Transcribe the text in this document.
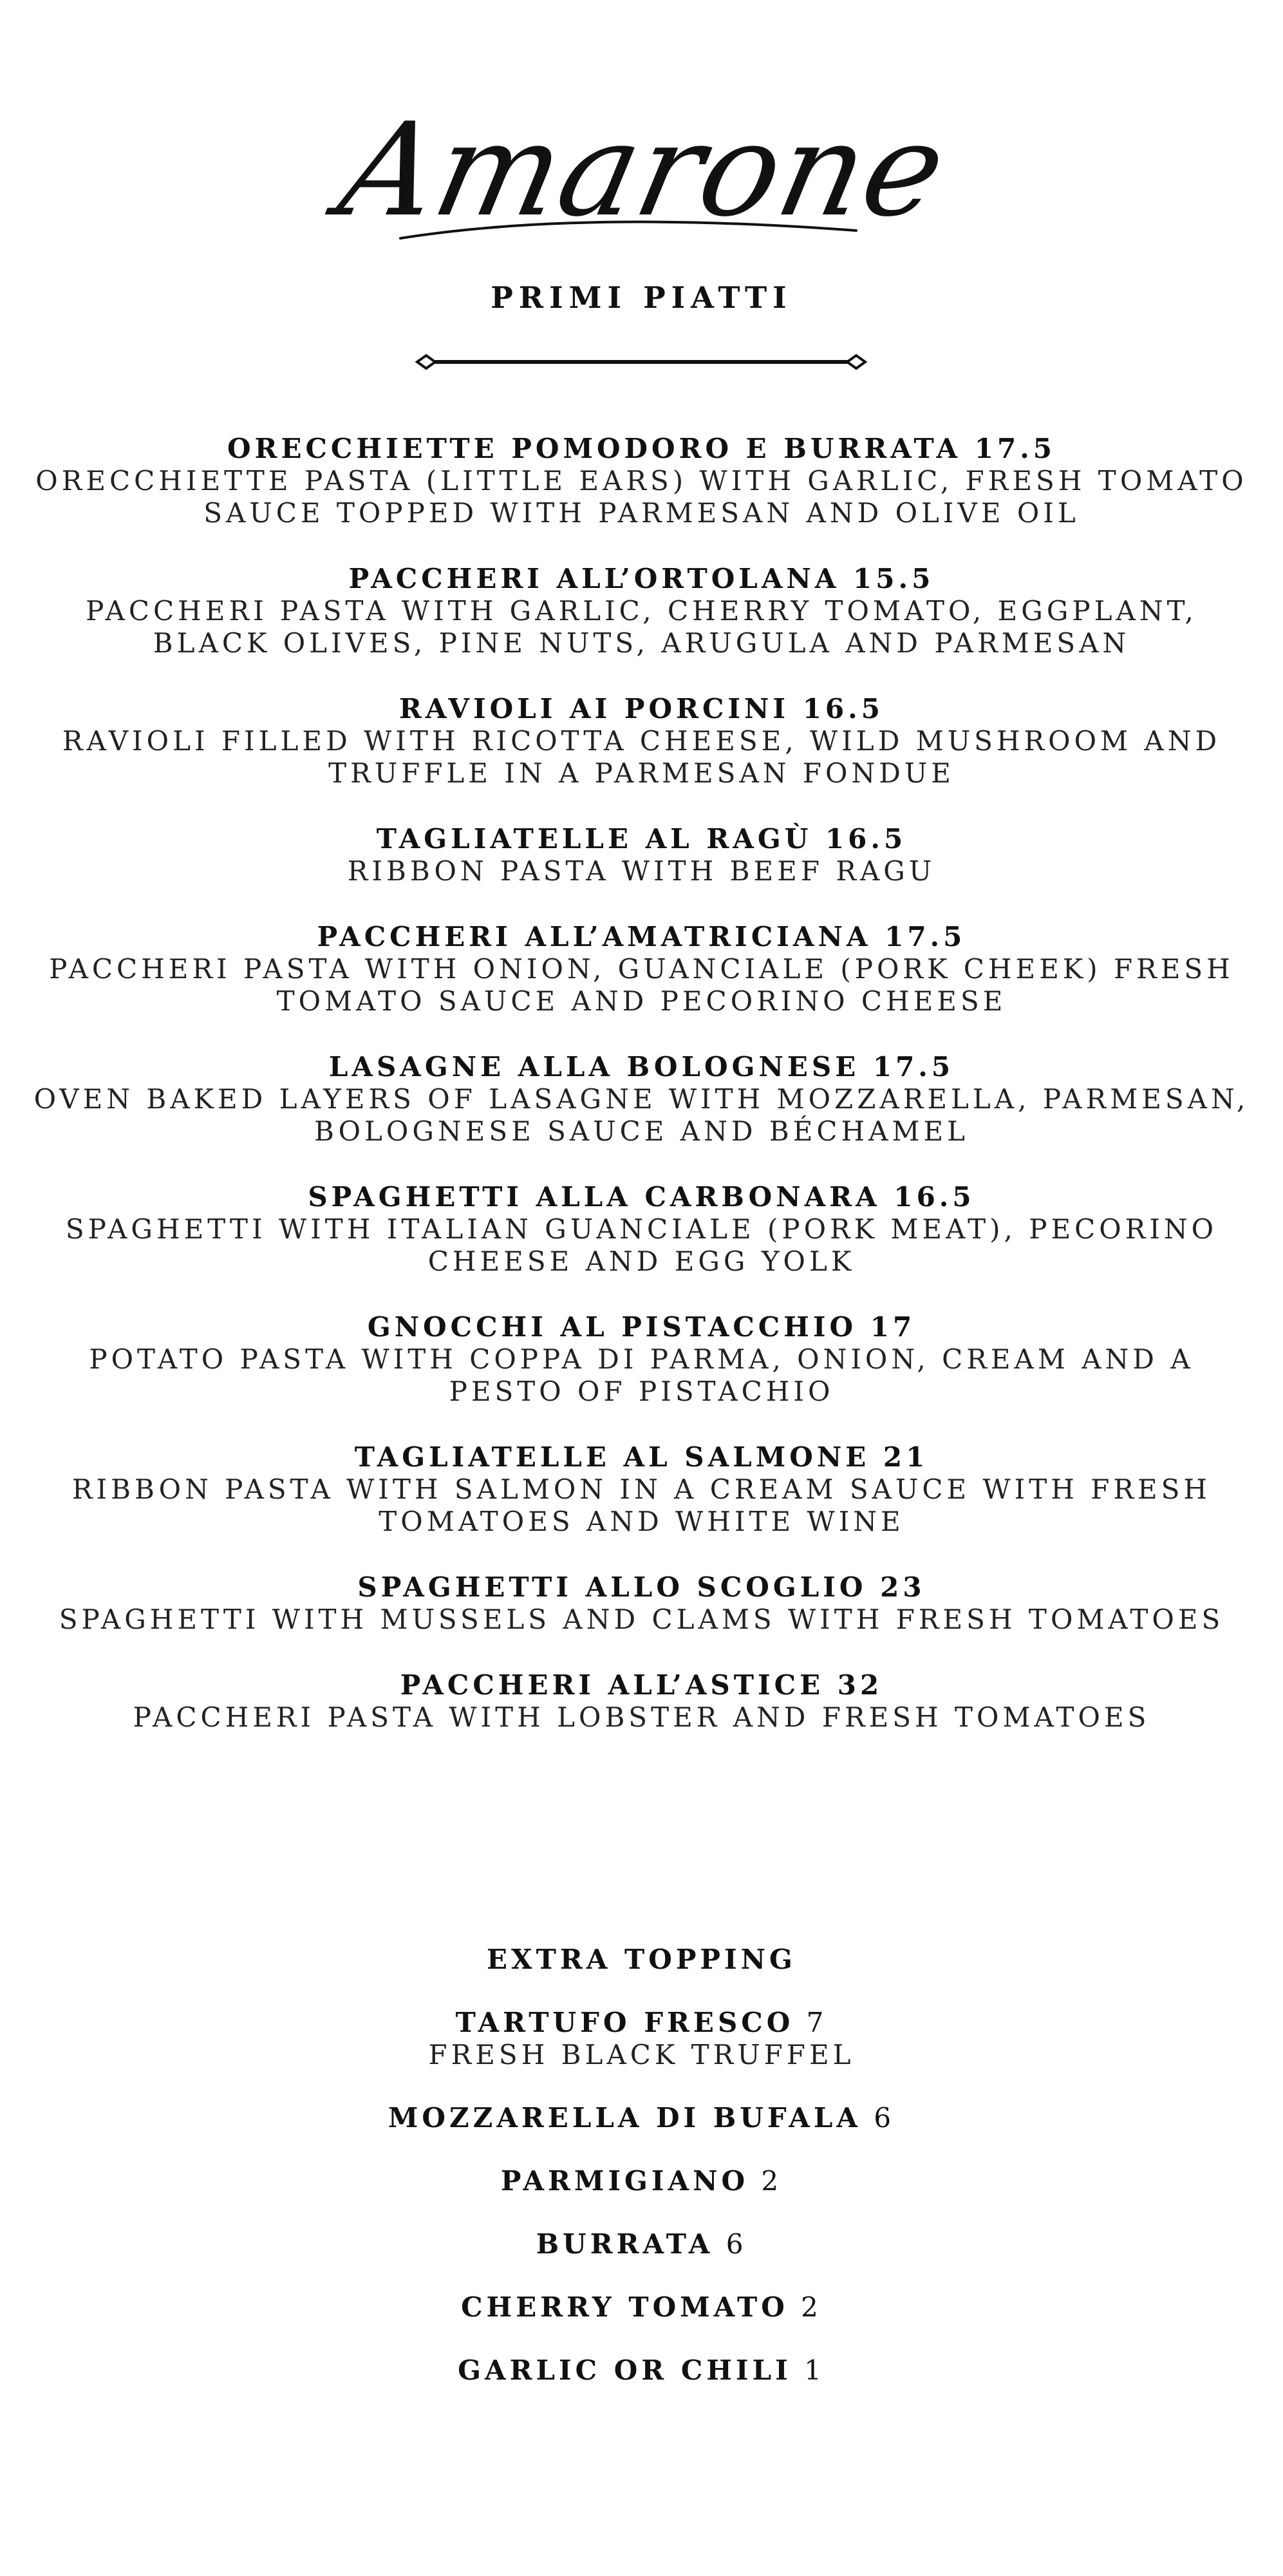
Amarone
PRIMI PIATTI
ORECCHIETTE POMODORO E BURRATA 17.5
ORECCHIETTE PASTA (LITTLE EARS) WITH GARLIC, FRESH TOMATO SAUCE TOPPED WITH PARMESAN AND OLIVE OIL
PACCHERI ALL’ORTOLANA 15.5
PACCHERI PASTA WITH GARLIC, CHERRY TOMATO, EGGPLANT, BLACK OLIVES, PINE NUTS, ARUGULA AND PARMESAN
RAVIOLI AI PORCINI 16.5
RAVIOLI FILLED WITH RICOTTA CHEESE, WILD MUSHROOM AND TRUFFLE IN A PARMESAN FONDUE
TAGLIATELLE AL RAGÙ 16.5
RIBBON PASTA WITH BEEF RAGU
PACCHERI ALL’AMATRICIANA 17.5
PACCHERI PASTA WITH ONION, GUANCIALE (PORK CHEEK) FRESH TOMATO SAUCE AND PECORINO CHEESE
LASAGNE ALLA BOLOGNESE 17.5
OVEN BAKED LAYERS OF LASAGNE WITH MOZZARELLA, PARMESAN, BOLOGNESE SAUCE AND BÉCHAMEL
SPAGHETTI ALLA CARBONARA 16.5
SPAGHETTI WITH ITALIAN GUANCIALE (PORK MEAT), PECORINO CHEESE AND EGG YOLK
GNOCCHI AL PISTACCHIO 17
POTATO PASTA WITH COPPA DI PARMA, ONION, CREAM AND A PESTO OF PISTACHIO
TAGLIATELLE AL SALMONE 21
RIBBON PASTA WITH SALMON IN A CREAM SAUCE WITH FRESH TOMATOES AND WHITE WINE
SPAGHETTI ALLO SCOGLIO 23
SPAGHETTI WITH MUSSELS AND CLAMS WITH FRESH TOMATOES
PACCHERI ALL’ASTICE 32
PACCHERI PASTA WITH LOBSTER AND FRESH TOMATOES
EXTRA TOPPING
TARTUFO FRESCO 7
FRESH BLACK TRUFFEL
MOZZARELLA DI BUFALA 6
PARMIGIANO 2
BURRATA 6
CHERRY TOMATO 2
GARLIC OR CHILI 1
